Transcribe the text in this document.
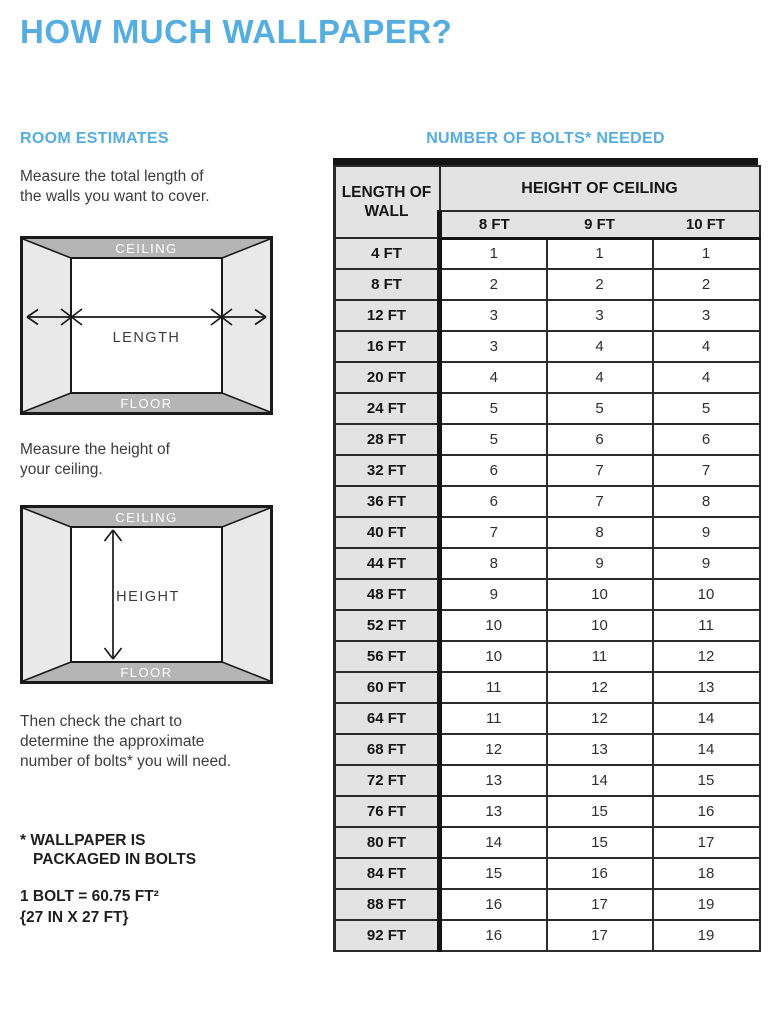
HOW MUCH WALLPAPER?
ROOM ESTIMATES	NUMBER OF BOLTS* NEEDED

Measure the total length of
the walls you want to cover.

CEILING
FLOOR
LENGTH

Measure the height of
your ceiling.

CEILING
FLOOR
HEIGHT

Then check the chart to
determine the approximate
number of bolts* you will need.

* WALLPAPER IS
PACKAGED IN BOLTS

1 BOLT = 60.75 FT²
{27 IN X 27 FT}

LENGTH OF WALL	HEIGHT OF CEILING		
	8 FT	9 FT	10 FT
4 FT	1	1	1
8 FT	2	2	2
12 FT	3	3	3
16 FT	3	4	4
20 FT	4	4	4
24 FT	5	5	5
28 FT	5	6	6
32 FT	6	7	7
36 FT	6	7	8
40 FT	7	8	9
44 FT	8	9	9
48 FT	9	10	10
52 FT	10	10	11
56 FT	10	11	12
60 FT	11	12	13
64 FT	11	12	14
68 FT	12	13	14
72 FT	13	14	15
76 FT	13	15	16
80 FT	14	15	17
84 FT	15	16	18
88 FT	16	17	19
92 FT	16	17	19
